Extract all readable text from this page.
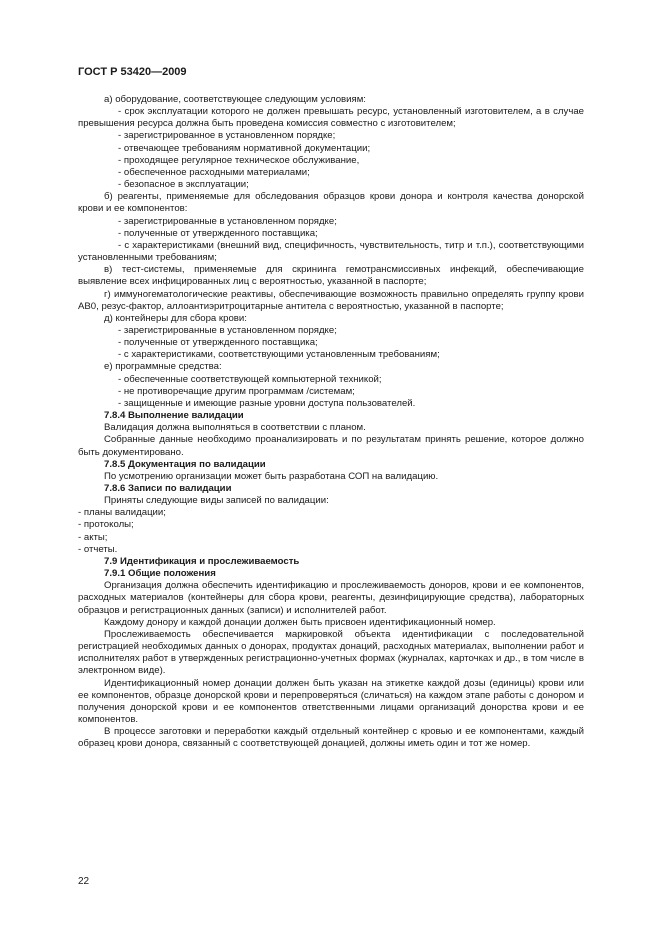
ГОСТ Р 53420—2009

а) оборудование, соответствующее следующим условиям:

- срок эксплуатации которого не должен превышать ресурс, установленный изготовителем, а в случае превышения ресурса должна быть проведена комиссия совместно с изготовителем;

- зарегистрированное в установленном порядке;

- отвечающее требованиям нормативной документации;

- проходящее регулярное техническое обслуживание,

- обеспеченное расходными материалами;

- безопасное в эксплуатации;

б) реагенты, применяемые для обследования образцов крови донора и контроля качества донорской крови и ее компонентов:

- зарегистрированные в установленном порядке;

- полученные от утвержденного поставщика;

- с характеристиками (внешний вид, специфичность, чувствительность, титр и т.п.), соответствующими установленными требованиям;

в) тест-системы, применяемые для скрининга гемотрансмиссивных инфекций, обеспечивающие выявление всех инфицированных лиц с вероятностью, указанной в паспорте;

г) иммуногематологические реактивы, обеспечивающие возможность правильно определять группу крови АВ0, резус-фактор, аллоантиэритроцитарные антитела с вероятностью, указанной в паспорте;

д) контейнеры для сбора крови:

- зарегистрированные в установленном порядке;

- полученные от утвержденного поставщика;

- с характеристиками, соответствующими установленным требованиям;

е) программные средства:

- обеспеченные соответствующей компьютерной техникой;

- не противоречащие другим программам /системам;

- защищенные и имеющие разные уровни доступа пользователей.

7.8.4 Выполнение валидации

Валидация должна выполняться в соответствии с планом.

Собранные данные необходимо проанализировать и по результатам принять решение, которое должно быть документировано.

7.8.5 Документация по валидации

По усмотрению организации может быть разработана СОП на валидацию.

7.8.6 Записи по валидации

Приняты следующие виды записей по валидации:

- планы валидации;

- протоколы;

- акты;

- отчеты.

7.9 Идентификация и прослеживаемость

7.9.1 Общие положения

Организация должна обеспечить идентификацию и прослеживаемость доноров, крови и ее компонентов, расходных материалов (контейнеры для сбора крови, реагенты, дезинфицирующие средства), лабораторных образцов и регистрационных данных (записи) и исполнителей работ.

Каждому донору и каждой донации должен быть присвоен идентификационный номер.

Прослеживаемость обеспечивается маркировкой объекта идентификации с последовательной регистрацией необходимых данных о донорах, продуктах донаций, расходных материалах, выполнении работ и исполнителях работ в утвержденных регистрационно-учетных формах (журналах, карточках и др., в том числе в электронном виде).

Идентификационный номер донации должен быть указан на этикетке каждой дозы (единицы) крови или ее компонентов, образце донорской крови и перепроверяться (сличаться) на каждом этапе работы с донором и получения донорской крови и ее компонентов ответственными лицами организаций донорства крови и ее компонентов.

В процессе заготовки и переработки каждый отдельный контейнер с кровью и ее компонентами, каждый образец крови донора, связанный с соответствующей донацией, должны иметь один и тот же номер.

22
